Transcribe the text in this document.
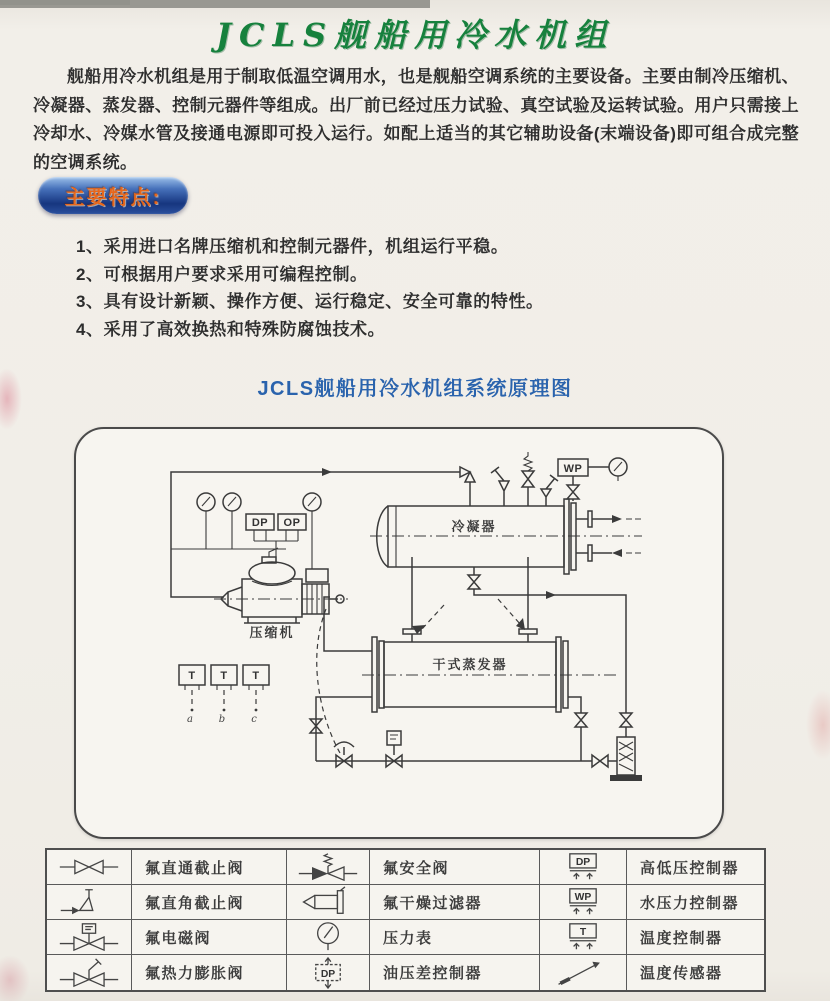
JCLS舰船用冷水机组

舰船用冷水机组是用于制取低温空调用水，也是舰船空调系统的主要设备。主要由制冷压缩机、冷凝器、蒸发器、控制元器件等组成。出厂前已经过压力试验、真空试验及运转试验。用户只需接上冷却水、冷媒水管及接通电源即可投入运行。如配上适当的其它辅助设备(末端设备)即可组合成完整的空调系统。

主要特点:
1、采用进口名牌压缩机和控制元器件，机组运行平稳。
2、可根据用户要求采用可编程控制。
3、具有设计新颖、操作方便、运行稳定、安全可靠的特性。
4、采用了高效换热和特殊防腐蚀技术。
JCLS舰船用冷水机组系统原理图
冷凝器
WP
干式蒸发器
压缩机
DP OP
T T T
a	b	c
氟直通截止阀	氟安全阀	DP	高低压控制器
氟直角截止阀	氟干燥过滤器	WP	水压力控制器
氟电磁阀	压力表	T	温度控制器
氟热力膨胀阀	DP	油压差控制器	温度传感器
